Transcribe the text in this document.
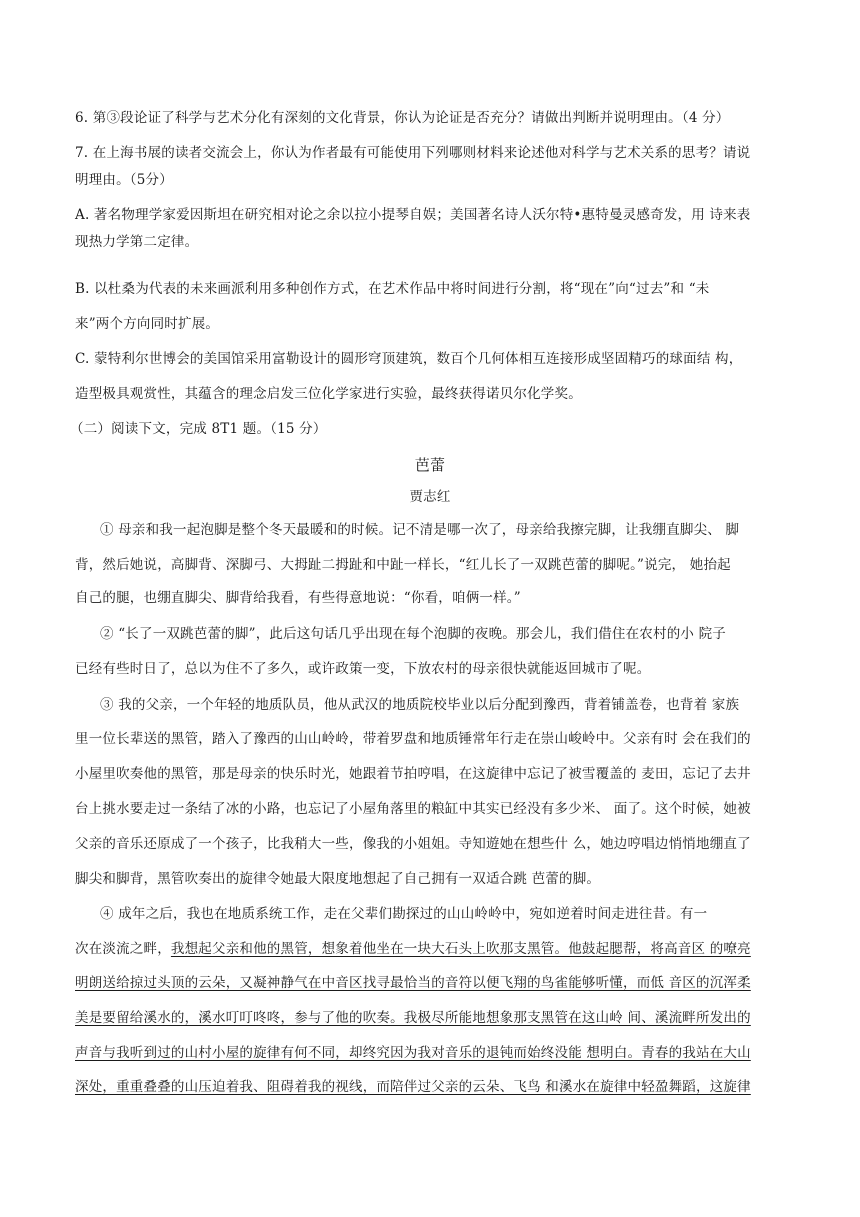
6. 第③段论证了科学与艺术分化有深刻的文化背景，你认为论证是否充分？请做出判断并说明理由。（4 分）
7. 在上海书展的读者交流会上，你认为作者最有可能使用下列哪则材料来论述他对科学与艺术关系的思考？请说
明理由。（5分）
A. 著名物理学家爱因斯坦在研究相对论之余以拉小提琴自娱；美国著名诗人沃尔特•惠特曼灵感奇发，用 诗来表
现热力学第二定律。
B. 以杜桑为代表的未来画派利用多种创作方式，在艺术作品中将时间进行分割，将“现在”向“过去”和 “未
来”两个方向同时扩展。
C. 蒙特利尔世博会的美国馆采用富勒设计的圆形穹顶建筑，数百个几何体相互连接形成坚固精巧的球面结 构，
造型极具观赏性，其蕴含的理念启发三位化学家进行实验，最终获得诺贝尔化学奖。
（二）阅读下文，完成 8T1 题。（15 分）
芭蕾
贾志红
① 母亲和我一起泡脚是整个冬天最暖和的时候。记不清是哪一次了，母亲给我擦完脚，让我绷直脚尖、 脚
背，然后她说，高脚背、深脚弓、大拇趾二拇趾和中趾一样长，“红儿长了一双跳芭蕾的脚呢。”说完， 她抬起
自己的腿，也绷直脚尖、脚背给我看，有些得意地说：“你看，咱俩一样。”
② “长了一双跳芭蕾的脚”，此后这句话几乎出现在每个泡脚的夜晚。那会儿，我们借住在农村的小 院子
已经有些时日了，总以为住不了多久，或许政策一变，下放农村的母亲很快就能返回城市了呢。
③ 我的父亲，一个年轻的地质队员，他从武汉的地质院校毕业以后分配到豫西，背着铺盖卷，也背着 家族
里一位长辈送的黑管，踏入了豫西的山山岭岭，带着罗盘和地质锤常年行走在崇山峻岭中。父亲有时 会在我们的
小屋里吹奏他的黑管，那是母亲的快乐时光，她跟着节拍哼唱，在这旋律中忘记了被雪覆盖的 麦田，忘记了去井
台上挑水要走过一条结了冰的小路，也忘记了小屋角落里的粮缸中其实已经没有多少米、 面了。这个时候，她被
父亲的音乐还原成了一个孩子，比我稍大一些，像我的小姐姐。寺知遊她在想些什 么，她边哼唱边悄悄地绷直了
脚尖和脚背，黑管吹奏出的旋律令她最大限度地想起了自己拥有一双适合跳 芭蕾的脚。
④ 成年之后，我也在地质系统工作，走在父辈们勘探过的山山岭岭中，宛如逆着时间走进往昔。有一
次在淡流之畔，我想起父亲和他的黑管，想象着他坐在一块大石头上吹那支黑管。他鼓起腮帮，将高音区 的嘹亮
明朗送给掠过头顶的云朵，又凝神静气在中音区找寻最恰当的音符以便飞翔的鸟雀能够听懂，而低 音区的沉浑柔
美是要留给溪水的，溪水叮叮咚咚，参与了他的吹奏。我极尽所能地想象那支黑管在这山岭 间、溪流畔所发出的
声音与我听到过的山村小屋的旋律有何不同，却终究因为我对音乐的退钝而始终没能 想明白。青春的我站在大山
深处，重重叠叠的山压迫着我、阻碍着我的视线，而陪伴过父亲的云朵、飞鸟 和溪水在旋律中轻盈舞蹈，这旋律
